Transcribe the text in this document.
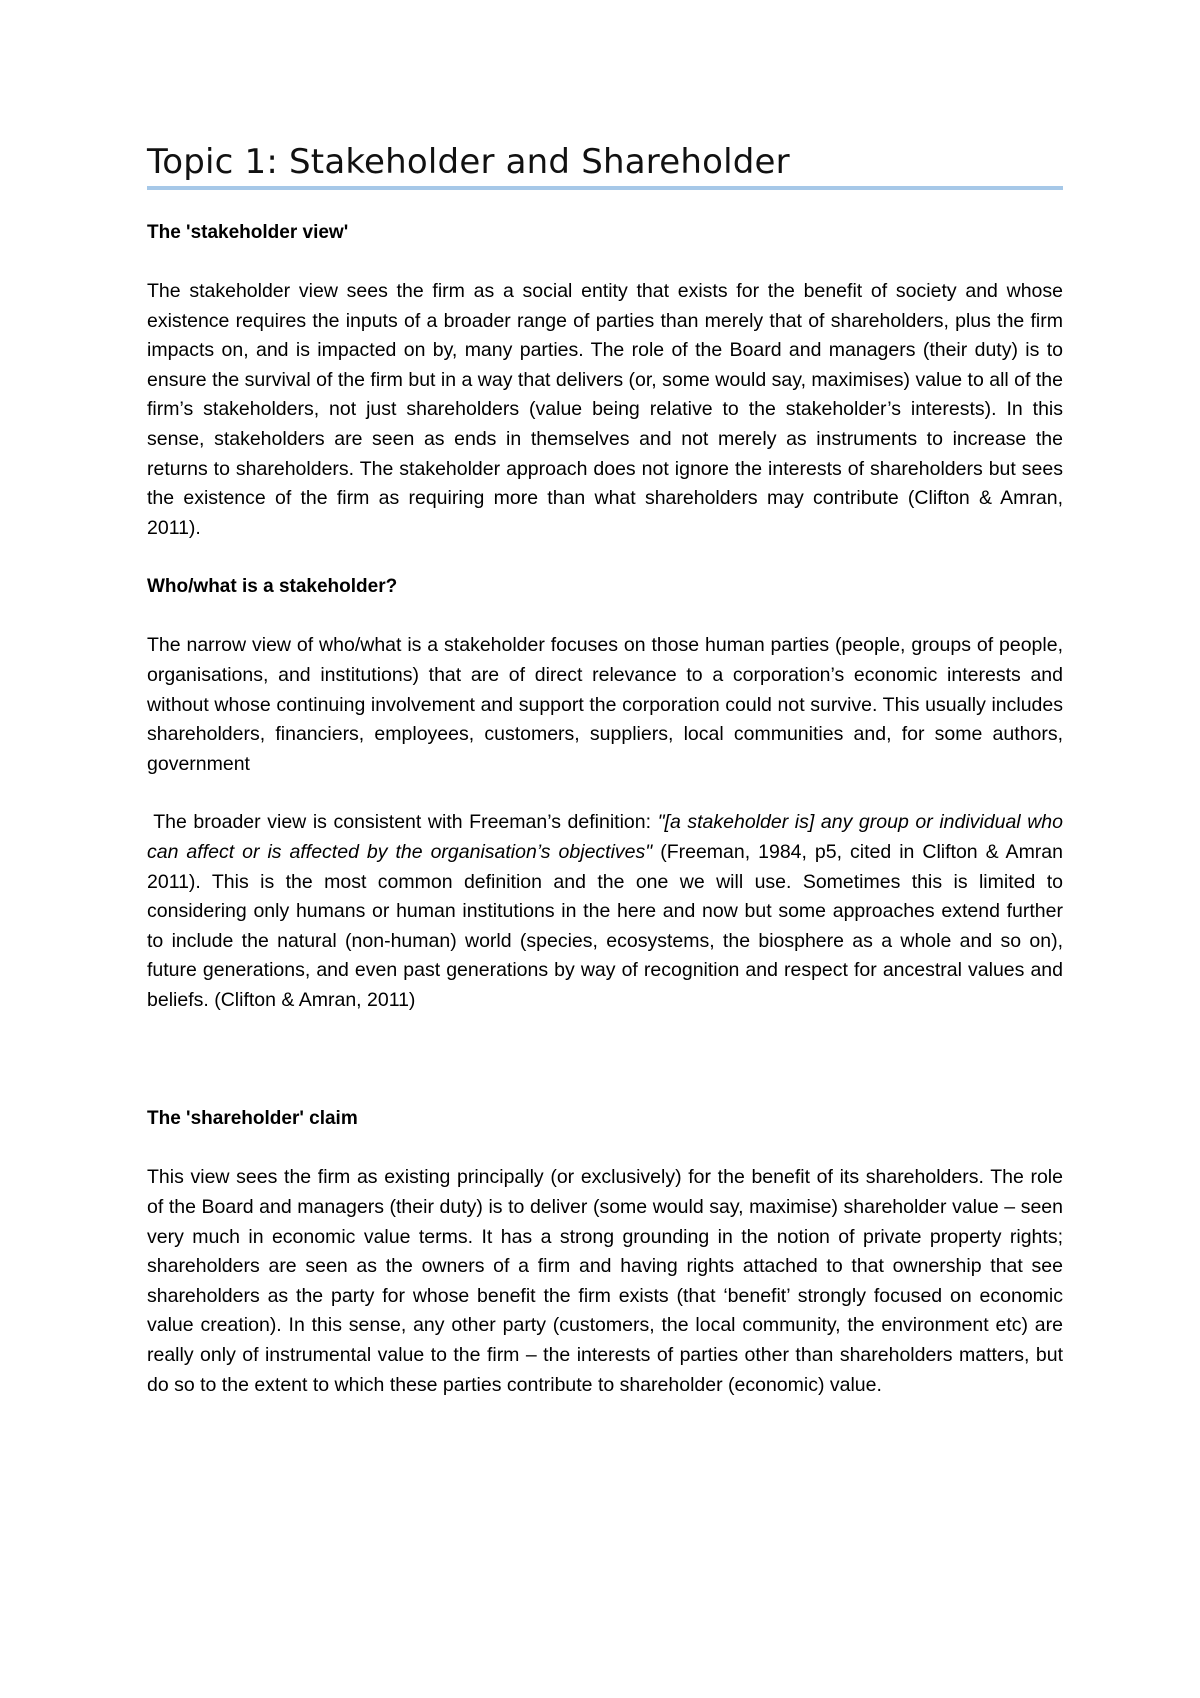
Topic 1: Stakeholder and Shareholder
The 'stakeholder view'

The stakeholder view sees the firm as a social entity that exists for the benefit of society and whose existence requires the inputs of a broader range of parties than merely that of shareholders, plus the firm impacts on, and is impacted on by, many parties. The role of the Board and managers (their duty) is to ensure the survival of the firm but in a way that delivers (or, some would say, maximises) value to all of the firm’s stakeholders, not just shareholders (value being relative to the stakeholder’s interests). In this sense, stakeholders are seen as ends in themselves and not merely as instruments to increase the returns to shareholders. The stakeholder approach does not ignore the interests of shareholders but sees the existence of the firm as requiring more than what shareholders may contribute (Clifton & Amran, 2011).

Who/what is a stakeholder?

The narrow view of who/what is a stakeholder focuses on those human parties (people, groups of people, organisations, and institutions) that are of direct relevance to a corporation’s economic interests and without whose continuing involvement and support the corporation could not survive. This usually includes shareholders, financiers, employees, customers, suppliers, local communities and, for some authors, government

The broader view is consistent with Freeman’s definition: "[a stakeholder is] any group or individual who can affect or is affected by the organisation’s objectives" (Freeman, 1984, p5, cited in Clifton & Amran 2011). This is the most common definition and the one we will use. Sometimes this is limited to considering only humans or human institutions in the here and now but some approaches extend further to include the natural (non-human) world (species, ecosystems, the biosphere as a whole and so on), future generations, and even past generations by way of recognition and respect for ancestral values and beliefs. (Clifton & Amran, 2011)

The 'shareholder' claim

This view sees the firm as existing principally (or exclusively) for the benefit of its shareholders. The role of the Board and managers (their duty) is to deliver (some would say, maximise) shareholder value – seen very much in economic value terms. It has a strong grounding in the notion of private property rights; shareholders are seen as the owners of a firm and having rights attached to that ownership that see shareholders as the party for whose benefit the firm exists (that ‘benefit’ strongly focused on economic value creation). In this sense, any other party (customers, the local community, the environment etc) are really only of instrumental value to the firm – the interests of parties other than shareholders matters, but do so to the extent to which these parties contribute to shareholder (economic) value.
